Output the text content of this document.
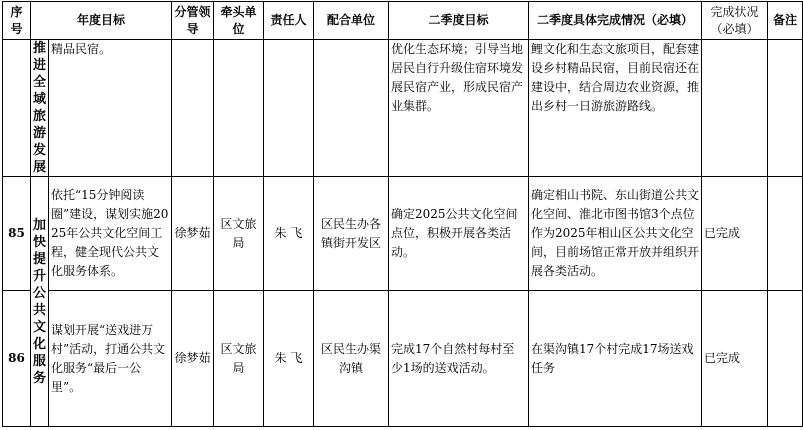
序号	年度目标		分管领导	牵头单位	责任人	配合单位	二季度目标	二季度具体完成情况（必填）	完成状况（必填）	备注

	推进全域旅游发展	精品民宿。					优化生态环境；引导当地居民自行升级住宿环境发展民宿产业，形成民宿产业集群。	鲤文化和生态文旅项目，配套建设乡村精品民宿，目前民宿还在建设中，结合周边农业资源，推出乡村一日游旅游路线。		

85	加快提升公共文化服务	依托“15分钟阅读圈”建设，谋划实施2025年公共文化空间工程，健全现代公共文化服务体系。	徐梦茹	区文旅局	朱 飞	区民生办各镇街开发区	确定2025公共文化空间点位，积极开展各类活动。	确定相山书院、东山街道公共文化空间、淮北市图书馆3个点位作为2025年相山区公共文化空间，目前场馆正常开放并组织开展各类活动。	已完成	
86		谋划开展“送戏进万村”活动，打通公共文化服务“最后一公里”。	徐梦茹	区文旅局	朱 飞	区民生办渠沟镇	完成17个自然村每村至少1场的送戏活动。	在渠沟镇17个村完成17场送戏任务	已完成	
